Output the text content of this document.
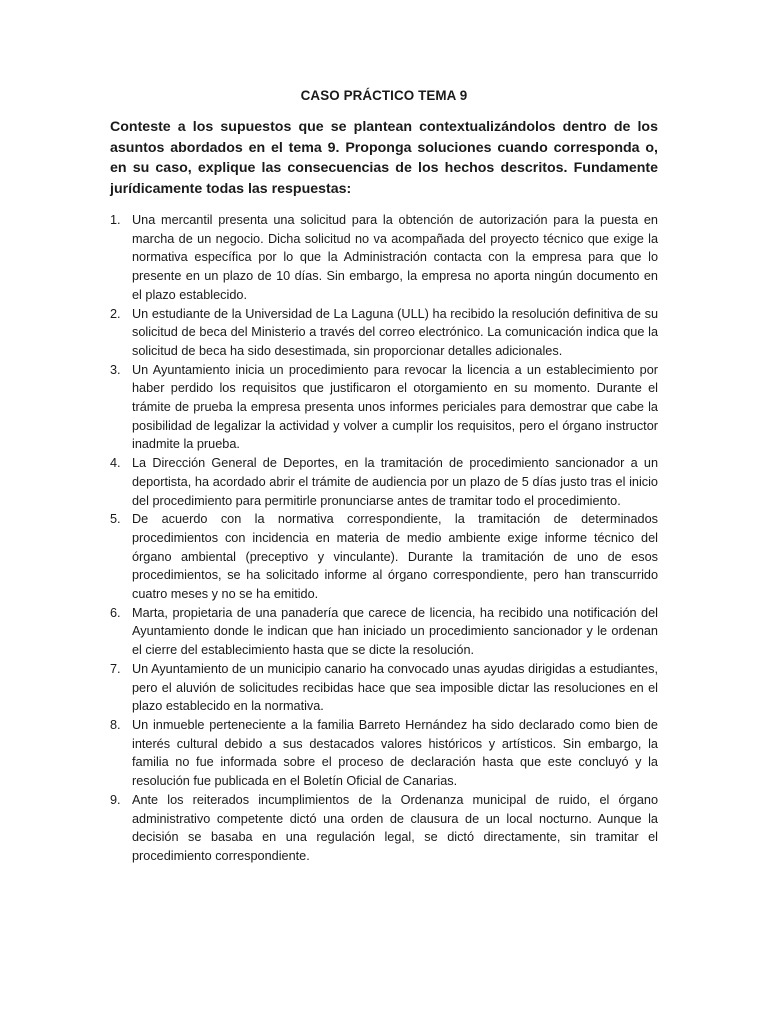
CASO PRÁCTICO TEMA 9

Conteste a los supuestos que se plantean contextualizándolos dentro de los asuntos abordados en el tema 9. Proponga soluciones cuando corresponda o, en su caso, explique las consecuencias de los hechos descritos. Fundamente jurídicamente todas las respuestas:

1. Una mercantil presenta una solicitud para la obtención de autorización para la puesta en marcha de un negocio. Dicha solicitud no va acompañada del proyecto técnico que exige la normativa específica por lo que la Administración contacta con la empresa para que lo presente en un plazo de 10 días. Sin embargo, la empresa no aporta ningún documento en el plazo establecido.
2. Un estudiante de la Universidad de La Laguna (ULL) ha recibido la resolución definitiva de su solicitud de beca del Ministerio a través del correo electrónico. La comunicación indica que la solicitud de beca ha sido desestimada, sin proporcionar detalles adicionales.
3. Un Ayuntamiento inicia un procedimiento para revocar la licencia a un establecimiento por haber perdido los requisitos que justificaron el otorgamiento en su momento. Durante el trámite de prueba la empresa presenta unos informes periciales para demostrar que cabe la posibilidad de legalizar la actividad y volver a cumplir los requisitos, pero el órgano instructor inadmite la prueba.
4. La Dirección General de Deportes, en la tramitación de procedimiento sancionador a un deportista, ha acordado abrir el trámite de audiencia por un plazo de 5 días justo tras el inicio del procedimiento para permitirle pronunciarse antes de tramitar todo el procedimiento.
5. De acuerdo con la normativa correspondiente, la tramitación de determinados procedimientos con incidencia en materia de medio ambiente exige informe técnico del órgano ambiental (preceptivo y vinculante). Durante la tramitación de uno de esos procedimientos, se ha solicitado informe al órgano correspondiente, pero han transcurrido cuatro meses y no se ha emitido.
6. Marta, propietaria de una panadería que carece de licencia, ha recibido una notificación del Ayuntamiento donde le indican que han iniciado un procedimiento sancionador y le ordenan el cierre del establecimiento hasta que se dicte la resolución.
7. Un Ayuntamiento de un municipio canario ha convocado unas ayudas dirigidas a estudiantes, pero el aluvión de solicitudes recibidas hace que sea imposible dictar las resoluciones en el plazo establecido en la normativa.
8. Un inmueble perteneciente a la familia Barreto Hernández ha sido declarado como bien de interés cultural debido a sus destacados valores históricos y artísticos. Sin embargo, la familia no fue informada sobre el proceso de declaración hasta que este concluyó y la resolución fue publicada en el Boletín Oficial de Canarias.
9. Ante los reiterados incumplimientos de la Ordenanza municipal de ruido, el órgano administrativo competente dictó una orden de clausura de un local nocturno. Aunque la decisión se basaba en una regulación legal, se dictó directamente, sin tramitar el procedimiento correspondiente.
